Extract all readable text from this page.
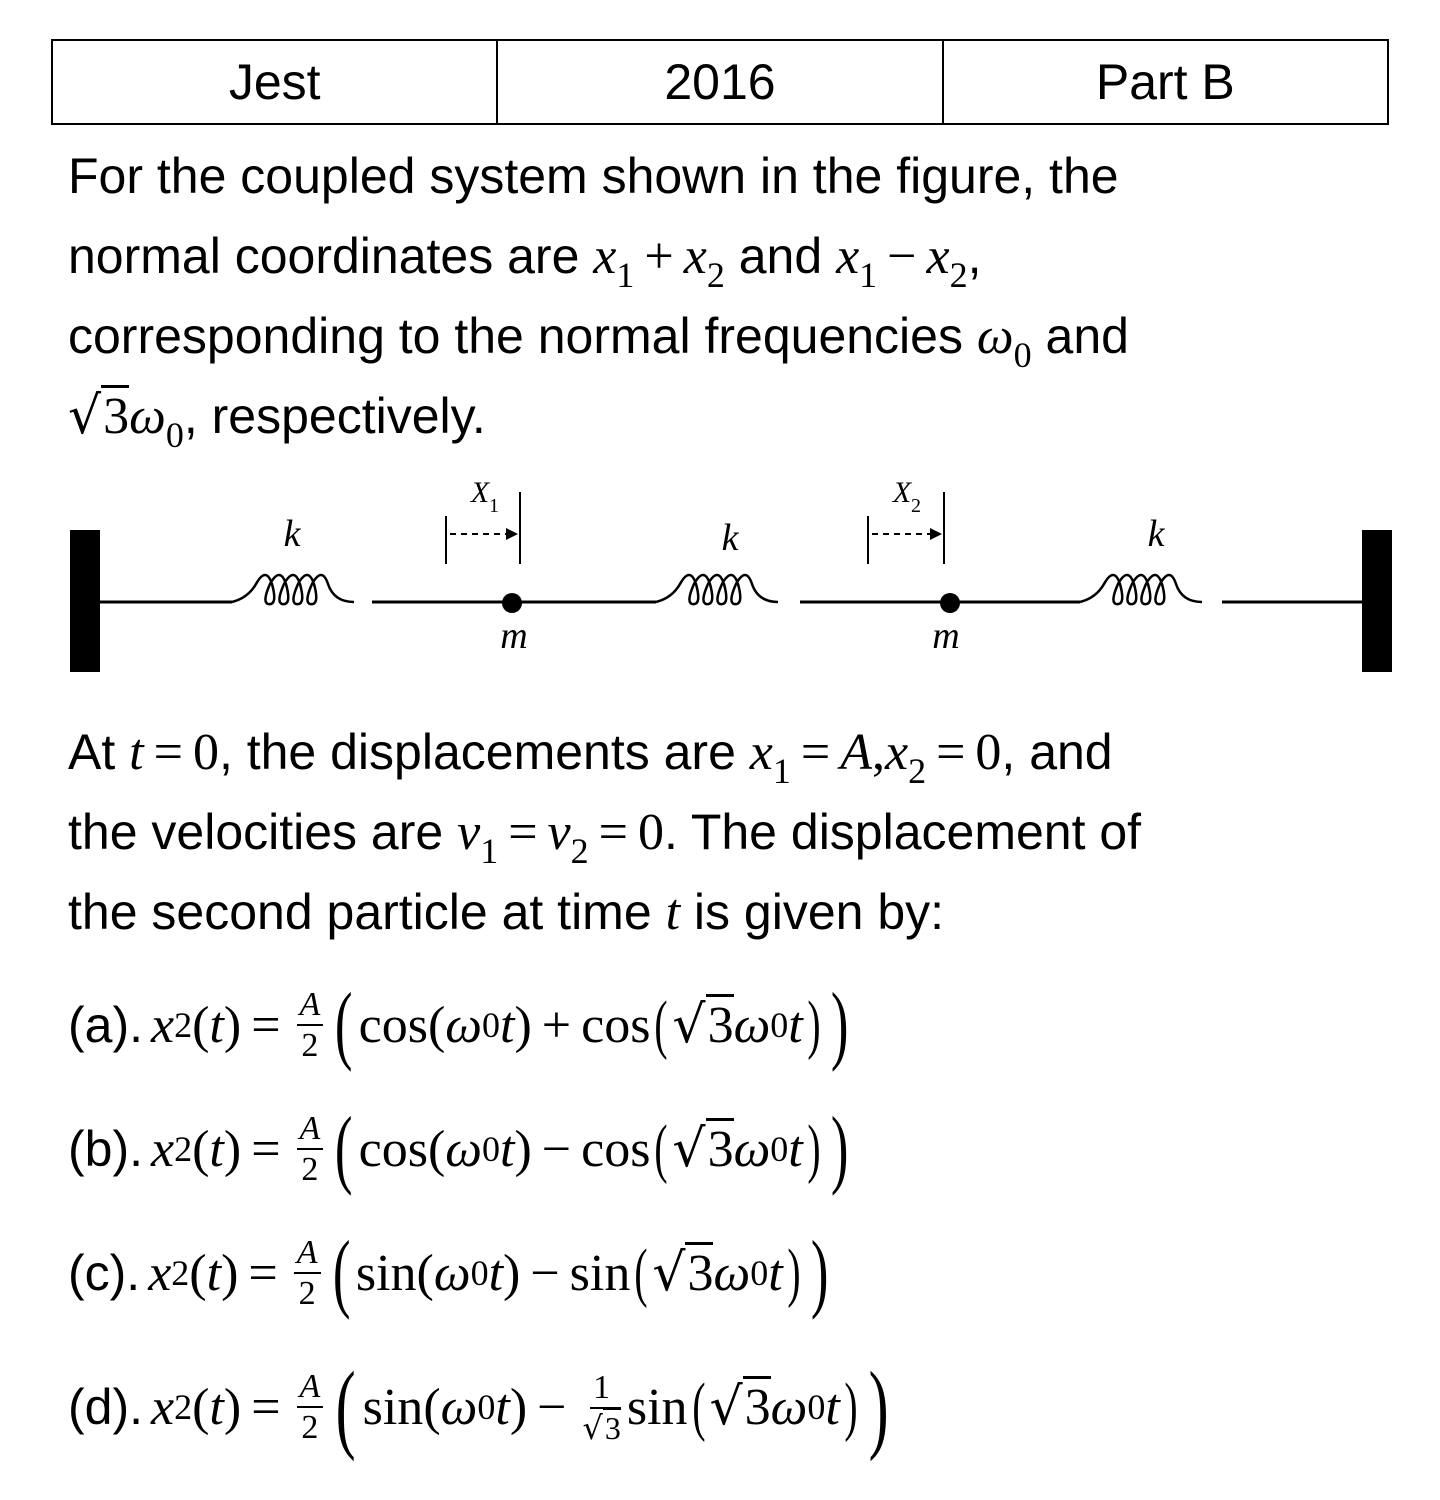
Jest	2016	Part B
For the coupled system shown in the figure, the
normal coordinates are $x_1 + x_2$ and $x_1 - x_2$,
corresponding to the normal frequencies $\omega_0$ and
$√3\omega_0$, respectively.
k	k	k
m	m
X 1	X 2
At t = 0, the displacements are $x_1 = A,x_2 = 0$, and
the velocities are $v_1 = v_2 = 0$. The displacement of
the second particle at time t is given by:
(a). x 2 ( t ) = $\frac{A}{2}$ ( cos ( ω 0 t ) + cos ( √3 ω 0 t ) )
(b). x 2 ( t ) = $\frac{A}{2}$ ( cos ( ω 0 t ) − cos ( √3 ω 0 t ) )
(c). x 2 ( t ) = $\frac{A}{2}$ ( sin ( ω 0 t ) − sin ( √3 ω 0 t ) )
(d). x 2 ( t ) = $\frac{A}{2}$ ( sin ( ω 0 t ) − $\frac{1}{√3}$ sin ( √3 ω 0 t ) )
